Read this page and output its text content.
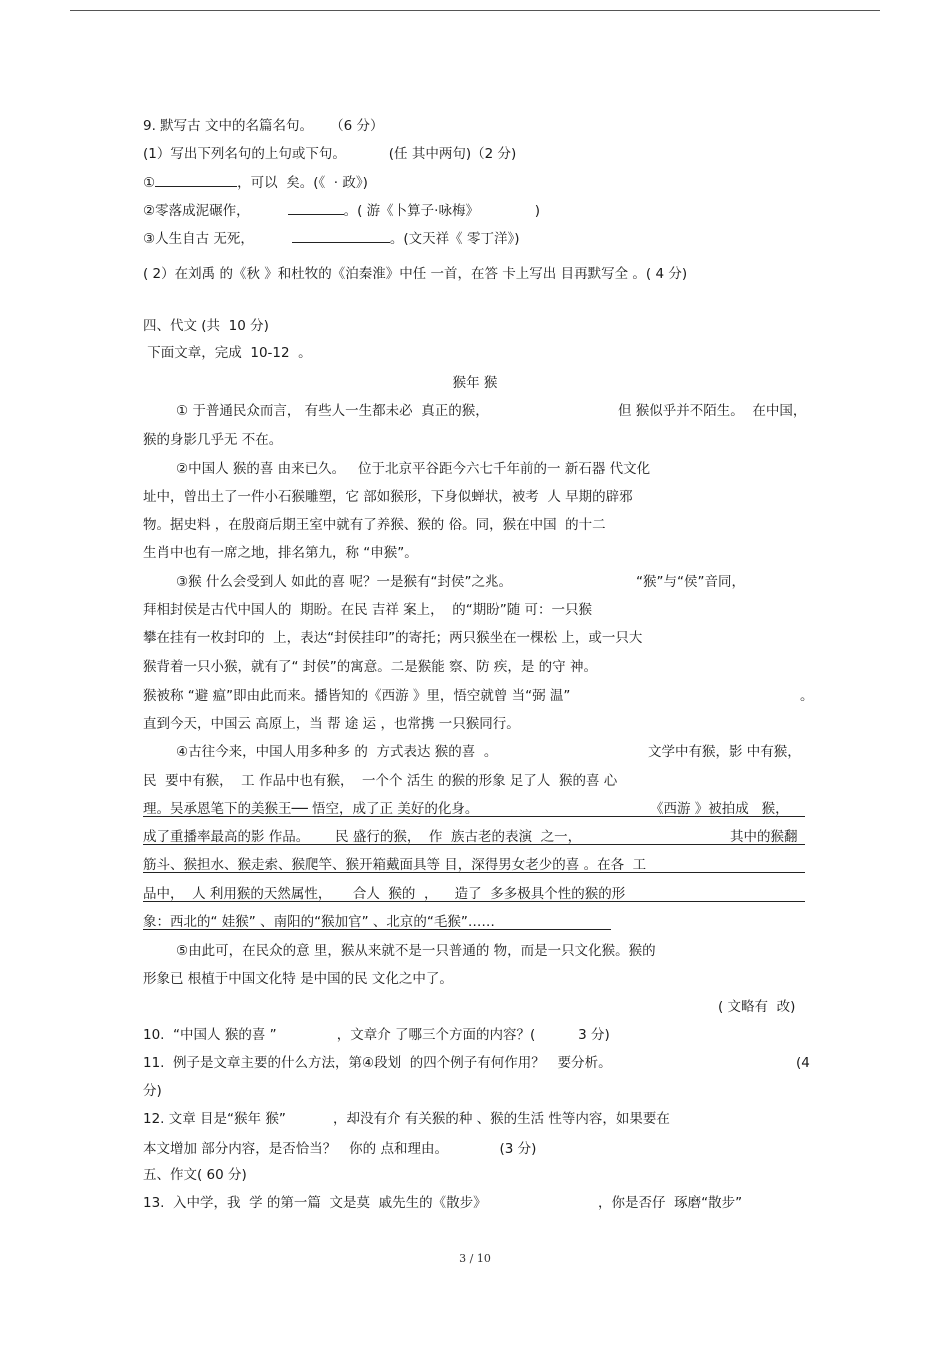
9. 默写古 文中的名篇名句。    （6 分）
(1）写出下列名句的上句或下句。          (任 其中两句)（2 分)
①	，可以  矣。(《  · 政》)
②零落成泥碾作，	。( 游《卜算子·咏梅》             )
③人生自古 无死，	。(文天祥《 零丁洋》)
( 2）在刘禹 的《秋 》和杜牧的《泊秦淮》中任 一首，在答 卡上写出 目再默写全 。( 4 分)
四、代文 (共  10 分)
下面文章，完成  10-12  。
猴年 猴
① 于普通民众而言， 有些人一生都未必  真正的猴，	但 猴似乎并不陌生。  在中国，
猴的身影几乎无 不在。
②中国人 猴的喜 由来已久。   位于北京平谷距今六七千年前的一 新石器 代文化
址中，曾出土了一件小石猴雕塑，它 部如猴形，下身似蝉状，被考  人 早期的辟邪
物。据史料 ，在殷商后期王室中就有了养猴、猴的 俗。同，猴在中国  的十二
生肖中也有一席之地，排名第九，称 “申猴”。
③猴 什么会受到人 如此的喜 呢？一是猴有“封侯”之兆。	“猴”与“侯”音同，
拜相封侯是古代中国人的  期盼。在民 吉祥 案上，  的“期盼”随 可：一只猴
攀在挂有一枚封印的  上，表达“封侯挂印”的寄托；两只猴坐在一棵松 上，或一只大
猴背着一只小猴，就有了“ 封侯”的寓意。二是猴能 察、防 疾，是 的守 神。
猴被称 “避 瘟”即由此而来。播皆知的《西游 》里，悟空就曾 当“弼 温”	。
直到今天，中国云 高原上，当 帮 途 运 ，也常携 一只猴同行。
④古往今来，中国人用多种多 的  方式表达 猴的喜  。	文学中有猴，影 中有猴，
民  要中有猴，  工 作品中也有猴，  一个个 活生 的猴的形象 足了人  猴的喜 心
理。吴承恩笔下的美猴王── 悟空，成了正 美好的化身。	《西游 》被拍成   猴，
成了重播率最高的影 作品。      民 盛行的猴，  作  族古老的表演  之一，	其中的猴翻
筋斗、猴担水、猴走索、猴爬竿、猴开箱戴面具等 目，深得男女老少的喜 。在各  工
品中，  人 利用猴的天然属性，     合人  猴的  ，    造了  多多极具个性的猴的形
象：西北的“ 娃猴” 、南阳的“猴加官” 、北京的“毛猴”……
⑤由此可，在民众的意 里，猴从来就不是一只普通的 物，而是一只文化猴。猴的
形象已 根植于中国文化特 是中国的民 文化之中了。
( 文略有  改)
10.  “中国人 猴的喜 ”              ，文章介 了哪三个方面的内容？(          3 分)
11.  例子是文章主要的什么方法，第④段划  的四个例子有何作用？   要分析。	(4
分)
12. 文章 目是“猴年 猴”           ，却没有介 有关猴的种 、猴的生活 性等内容，如果要在
本文增加 部分内容，是否恰当？   你的 点和理由。            (3 分)
五、作文( 60 分)
13.  入中学，我  学 的第一篇  文是莫  戚先生的《散步》	，你是否仔  琢磨“散步”
3 / 10
